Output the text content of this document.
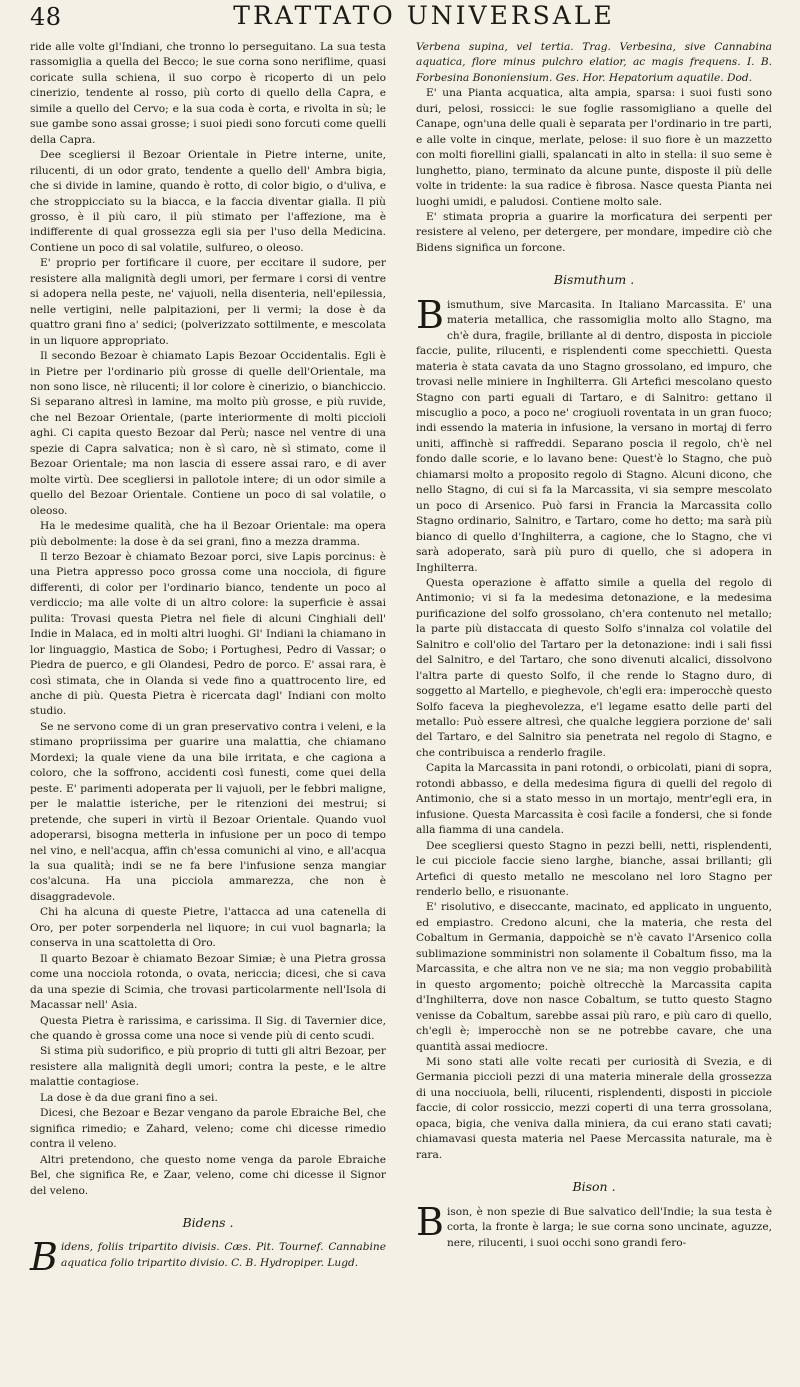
48	TRATTATO UNIVERSALE

ride alle volte gl'Indiani, che tronno lo perseguitano. La sua testa rassomiglia a quella del Becco; le sue corna sono neriflime, quasi coricate sulla schiena, il suo corpo è ricoperto di un pelo cinerizio, tendente al rosso, più corto di quello della Capra, e simile a quello del Cervo; e la sua coda è corta, e rivolta in sù; le sue gambe sono assai grosse; i suoi piedi sono forcuti come quelli della Capra.

Dee scegliersi il Bezoar Orientale in Pietre interne, unite, rilucenti, di un odor grato, tendente a quello dell' Ambra bigia, che si divide in lamine, quando è rotto, di color bigio, o d'uliva, e che stroppicciato su la biacca, e la faccia diventar gialla. Il più grosso, è il più caro, il più stimato per l'affezione, ma è indifferente di qual grossezza egli sia per l'uso della Medicina. Contiene un poco di sal volatile, sulfureo, o oleoso.

E' proprio per fortificare il cuore, per eccitare il sudore, per resistere alla malignità degli umori, per fermare i corsi di ventre si adopera nella peste, ne' vajuoli, nella disenteria, nell'epilessia, nelle vertigini, nelle palpitazioni, per li vermi; la dose è da quattro grani fino a' sedici; (polverizzato sottilmente, e mescolata in un liquore appropriato.

Il secondo Bezoar è chiamato Lapis Bezoar Occidentalis. Egli è in Pietre per l'ordinario più grosse di quelle dell'Orientale, ma non sono lisce, nè rilucenti; il lor colore è cinerizio, o bianchiccio. Si separano altresì in lamine, ma molto più grosse, e più ruvide, che nel Bezoar Orientale, (parte interiormente di molti piccioli aghi. Ci capita questo Bezoar dal Perù; nasce nel ventre di una spezie di Capra salvatica; non è sì caro, nè sì stimato, come il Bezoar Orientale; ma non lascia di essere assai raro, e di aver molte virtù. Dee scegliersi in pallotole intere; di un odor simile a quello del Bezoar Orientale. Contiene un poco di sal volatile, o oleoso.

Ha le medesime qualità, che ha il Bezoar Orientale: ma opera più debolmente: la dose è da sei grani, fino a mezza dramma.

Il terzo Bezoar è chiamato Bezoar porci, sive Lapis porcinus: è una Pietra appresso poco grossa come una nocciola, di figure differenti, di color per l'ordinario bianco, tendente un poco al verdiccio; ma alle volte di un altro colore: la superficie è assai pulita: Trovasi questa Pietra nel fiele di alcuni Cinghiali dell' Indie in Malaca, ed in molti altri luoghi. Gl' Indiani la chiamano in lor linguaggio, Mastica de Sobo; i Portughesi, Pedro di Vassar; o Piedra de puerco, e gli Olandesi, Pedro de porco. E' assai rara, è così stimata, che in Olanda si vede fino a quattrocento lire, ed anche di più. Questa Pietra è ricercata dagl' Indiani con molto studio.

Se ne servono come di un gran preservativo contra i veleni, e la stimano propriissima per guarire una malattia, che chiamano Mordexi; la quale viene da una bile irritata, e che cagiona a coloro, che la soffrono, accidenti così funesti, come quei della peste. E' parimenti adoperata per li vajuoli, per le febbri maligne, per le malattie isteriche, per le ritenzioni dei mestrui; si pretende, che superi in virtù il Bezoar Orientale. Quando vuol adoperarsi, bisogna metterla in infusione per un poco di tempo nel vino, e nell'acqua, affin ch'essa comunichi al vino, e all'acqua la sua qualità; indi se ne fa bere l'infusione senza mangiar cos'alcuna. Ha una picciola ammarezza, che non è disaggradevole.

Chi ha alcuna di queste Pietre, l'attacca ad una catenella di Oro, per poter sorpenderla nel liquore; in cui vuol bagnarla; la conserva in una scattoletta di Oro.

Il quarto Bezoar è chiamato Bezoar Simiæ; è una Pietra grossa come una nocciola rotonda, o ovata, nericcia; dicesi, che si cava da una spezie di Scimia, che trovasi particolarmente nell'Isola di Macassar nell' Asia.

Questa Pietra è rarissima, e carissima. Il Sig. di Tavernier dice, che quando è grossa come una noce si vende più di cento scudi.

Si stima più sudorifico, e più proprio di tutti gli altri Bezoar, per resistere alla malignità degli umori; contra la peste, e le altre malattie contagiose.

La dose è da due grani fino a sei.

Dicesi, che Bezoar e Bezar vengano da parole Ebraiche Bel, che significa rimedio; e Zahard, veleno; come chi dicesse rimedio contra il veleno.

Altri pretendono, che questo nome venga da parole Ebraiche Bel, che significa Re, e Zaar, veleno, come chi dicesse il Signor del veleno.

Bidens .

Bidens, foliis tripartito divisis. Cæs. Pit. Tournef. Cannabine aquatica folio tripartito divisio. C. B. Hydropiper. Lugd.

Verbena supina, vel tertia. Trag. Verbesina, sive Cannabina aquatica, flore minus pulchro elatior, ac magis frequens. I. B. Forbesina Bononiensium. Ges. Hor. Hepatorium aquatile. Dod.

E' una Pianta acquatica, alta ampia, sparsa: i suoi fusti sono duri, pelosi, rossicci: le sue foglie rassomigliano a quelle del Canape, ogn'una delle quali è separata per l'ordinario in tre parti, e alle volte in cinque, merlate, pelose: il suo fiore è un mazzetto con molti fiorellini gialli, spalancati in alto in stella: il suo seme è lunghetto, piano, terminato da alcune punte, disposte il più delle volte in tridente: la sua radice è fibrosa. Nasce questa Pianta nei luoghi umidi, e paludosi. Contiene molto sale.

E' stimata propria a guarire la morficatura dei serpenti per resistere al veleno, per detergere, per mondare, impedire ciò che Bidens significa un forcone.

Bismuthum .

Bismuthum, sive Marcasita. In Italiano Marcassita. E' una materia metallica, che rassomiglia molto allo Stagno, ma ch'è dura, fragile, brillante al di dentro, disposta in picciole faccie, pulite, rilucenti, e risplendenti come specchietti. Questa materia è stata cavata da uno Stagno grossolano, ed impuro, che trovasi nelle miniere in Inghilterra. Gli Artefici mescolano questo Stagno con parti eguali di Tartaro, e di Salnitro: gettano il miscuglio a poco, a poco ne' crogiuoli roventata in un gran fuoco; indi essendo la materia in infusione, la versano in mortaj di ferro uniti, affinchè si raffreddi. Separano poscia il regolo, ch'è nel fondo dalle scorie, e lo lavano bene: Quest'è lo Stagno, che può chiamarsi molto a proposito regolo di Stagno. Alcuni dicono, che nello Stagno, di cui si fa la Marcassita, vi sia sempre mescolato un poco di Arsenico. Può farsi in Francia la Marcassita collo Stagno ordinario, Salnitro, e Tartaro, come ho detto; ma sarà più bianco di quello d'Inghilterra, a cagione, che lo Stagno, che vi sarà adoperato, sarà più puro di quello, che si adopera in Inghilterra.

Questa operazione è affatto simile a quella del regolo di Antimonio; vi si fa la medesima detonazione, e la medesima purificazione del solfo grossolano, ch'era contenuto nel metallo; la parte più distaccata di questo Solfo s'innalza col volatile del Salnitro e coll'olio del Tartaro per la detonazione: indi i sali fissi del Salnitro, e del Tartaro, che sono divenuti alcalici, dissolvono l'altra parte di questo Solfo, il che rende lo Stagno duro, di soggetto al Martello, e pieghevole, ch'egli era: imperocchè questo Solfo faceva la pieghevolezza, e'l legame esatto delle parti del metallo: Può essere altresì, che qualche leggiera porzione de' sali del Tartaro, e del Salnitro sia penetrata nel regolo di Stagno, e che contribuisca a renderlo fragile.

Capita la Marcassita in pani rotondi, o orbicolati, piani di sopra, rotondi abbasso, e della medesima figura di quelli del regolo di Antimonio, che si a stato messo in un mortajo, mentr'egli era, in infusione. Questa Marcassita è così facile a fondersi, che si fonde alla fiamma di una candela.

Dee scegliersi questo Stagno in pezzi belli, netti, risplendenti, le cui picciole faccie sieno larghe, bianche, assai brillanti; gli Artefici di questo metallo ne mescolano nel loro Stagno per renderlo bello, e risuonante.

E' risolutivo, e diseccante, macinato, ed applicato in unguento, ed empiastro. Credono alcuni, che la materia, che resta del Cobaltum in Germania, dappoichè se n'è cavato l'Arsenico colla sublimazione somministri non solamente il Cobaltum fisso, ma la Marcassita, e che altra non ve ne sia; ma non veggio probabilità in questo argomento; poichè oltrecchè la Marcassita capita d'Inghilterra, dove non nasce Cobaltum, se tutto questo Stagno venisse da Cobaltum, sarebbe assai più raro, e più caro di quello, ch'egli è; imperocchè non se ne potrebbe cavare, che una quantità assai mediocre.

Mi sono stati alle volte recati per curiosità di Svezia, e di Germania piccioli pezzi di una materia minerale della grossezza di una nocciuola, belli, rilucenti, risplendenti, disposti in picciole faccie, di color rossiccio, mezzi coperti di una terra grossolana, opaca, bigia, che veniva dalla miniera, da cui erano stati cavati; chiamavasi questa materia nel Paese Mercassita naturale, ma è rara.

Bison .

Bison, è non spezie di Bue salvatico dell'Indie; la sua testa è corta, la fronte è larga; le sue corna sono uncinate, aguzze, nere, rilucenti, i suoi occhi sono grandi fero-
